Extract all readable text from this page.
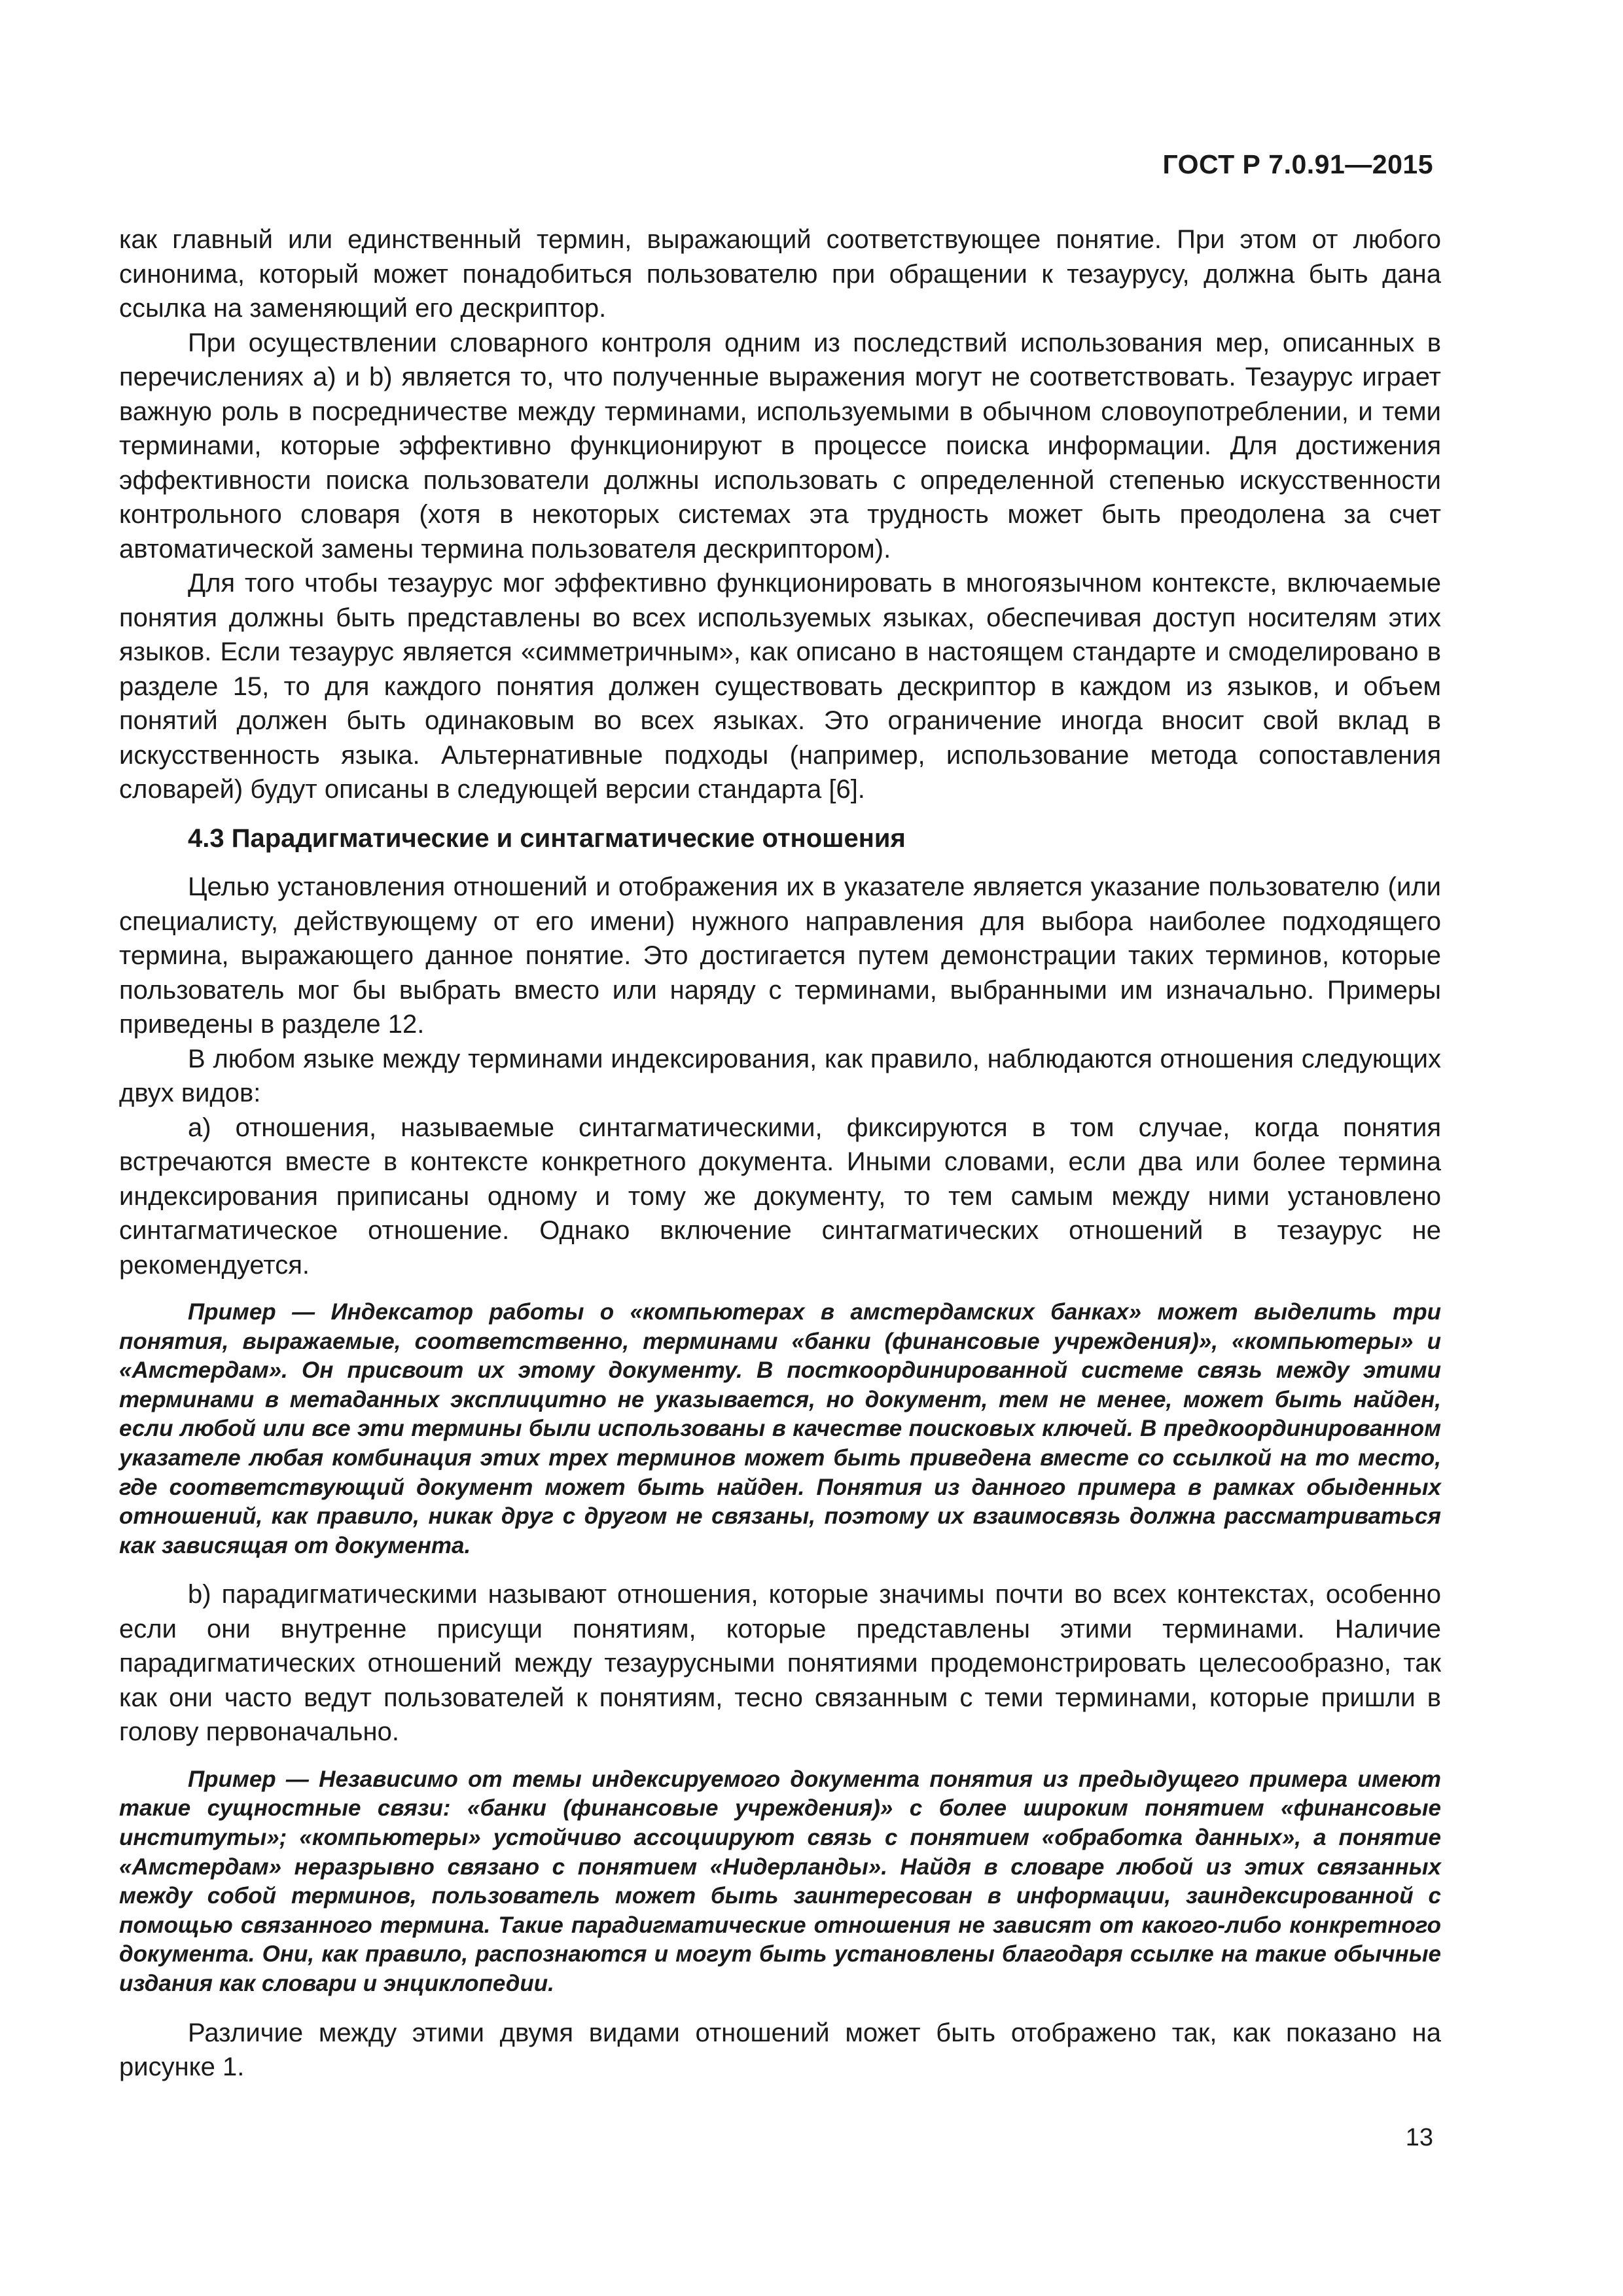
ГОСТ Р 7.0.91—2015

как главный или единственный термин, выражающий соответствующее понятие. При этом от любого синонима, который может понадобиться пользователю при обращении к тезаурусу, должна быть дана ссылка на заменяющий его дескриптор.

При осуществлении словарного контроля одним из последствий использования мер, описанных в перечислениях а) и b) является то, что полученные выражения могут не соответствовать. Тезаурус играет важную роль в посредничестве между терминами, используемыми в обычном словоупотреблении, и теми терминами, которые эффективно функционируют в процессе поиска информации. Для достижения эффективности поиска пользователи должны использовать с определенной степенью искусственности контрольного словаря (хотя в некоторых системах эта трудность может быть преодолена за счет автоматической замены термина пользователя дескриптором).

Для того чтобы тезаурус мог эффективно функционировать в многоязычном контексте, включаемые понятия должны быть представлены во всех используемых языках, обеспечивая доступ носителям этих языков. Если тезаурус является «симметричным», как описано в настоящем стандарте и смоделировано в разделе 15, то для каждого понятия должен существовать дескриптор в каждом из языков, и объем понятий должен быть одинаковым во всех языках. Это ограничение иногда вносит свой вклад в искусственность языка. Альтернативные подходы (например, использование метода сопоставления словарей) будут описаны в следующей версии стандарта [6].

4.3 Парадигматические и синтагматические отношения

Целью установления отношений и отображения их в указателе является указание пользователю (или специалисту, действующему от его имени) нужного направления для выбора наиболее подходящего термина, выражающего данное понятие. Это достигается путем демонстрации таких терминов, которые пользователь мог бы выбрать вместо или наряду с терминами, выбранными им изначально. Примеры приведены в разделе 12.

В любом языке между терминами индексирования, как правило, наблюдаются отношения следующих двух видов:

а) отношения, называемые синтагматическими, фиксируются в том случае, когда понятия встречаются вместе в контексте конкретного документа. Иными словами, если два или более термина индексирования приписаны одному и тому же документу, то тем самым между ними установлено синтагматическое отношение. Однако включение синтагматических отношений в тезаурус не рекомендуется.

Пример — Индексатор работы о «компьютерах в амстердамских банках» может выделить три понятия, выражаемые, соответственно, терминами «банки (финансовые учреждения)», «компьютеры» и «Амстердам». Он присвоит их этому документу. В посткоординированной системе связь между этими терминами в метаданных эксплицитно не указывается, но документ, тем не менее, может быть найден, если любой или все эти термины были использованы в качестве поисковых ключей. В предкоординированном указателе любая комбинация этих трех терминов может быть приведена вместе со ссылкой на то место, где соответствующий документ может быть найден. Понятия из данного примера в рамках обыденных отношений, как правило, никак друг с другом не связаны, поэтому их взаимосвязь должна рассматриваться как зависящая от документа.

b) парадигматическими называют отношения, которые значимы почти во всех контекстах, особенно если они внутренне присущи понятиям, которые представлены этими терминами. Наличие парадигматических отношений между тезаурусными понятиями продемонстрировать целесообразно, так как они часто ведут пользователей к понятиям, тесно связанным с теми терминами, которые пришли в голову первоначально.

Пример — Независимо от темы индексируемого документа понятия из предыдущего примера имеют такие сущностные связи: «банки (финансовые учреждения)» с более широким понятием «финансовые институты»; «компьютеры» устойчиво ассоциируют связь с понятием «обработка данных», а понятие «Амстердам» неразрывно связано с понятием «Нидерланды». Найдя в словаре любой из этих связанных между собой терминов, пользователь может быть заинтересован в информации, заиндексированной с помощью связанного термина. Такие парадигматические отношения не зависят от какого-либо конкретного документа. Они, как правило, распознаются и могут быть установлены благодаря ссылке на такие обычные издания как словари и энциклопедии.

Различие между этими двумя видами отношений может быть отображено так, как показано на рисунке 1.

13
